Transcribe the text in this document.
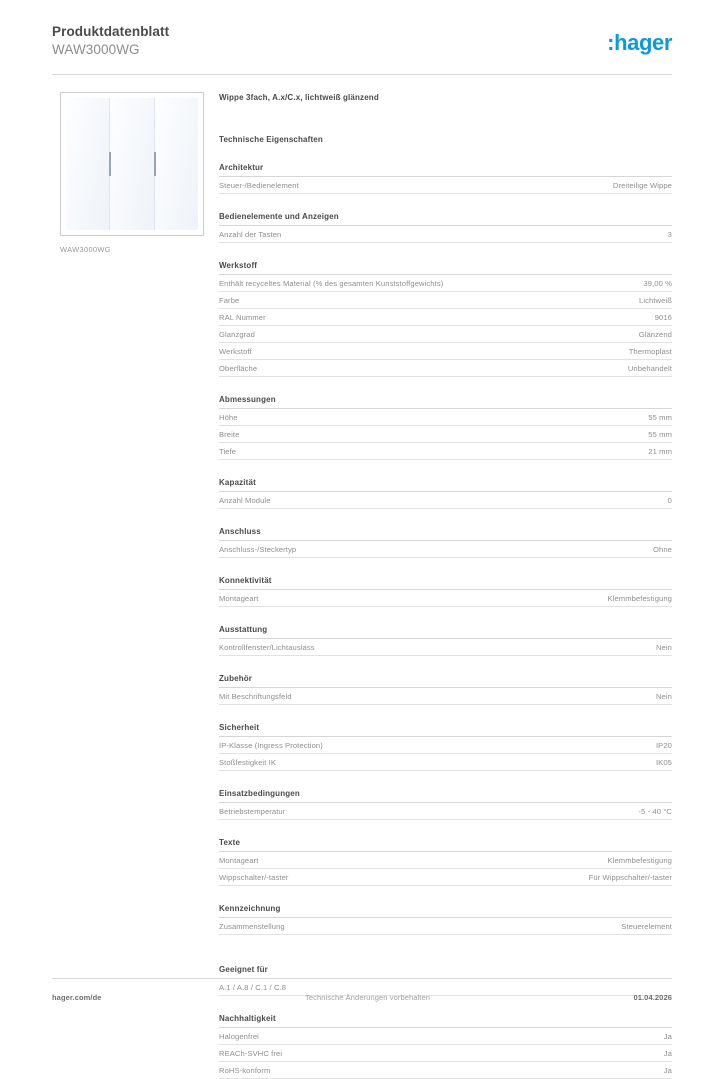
Produktdatenblatt
WAW3000WG	:hager
WAW3000WG
Wippe 3fach, A.x/C.x, lichtweiß glänzend
Technische Eigenschaften
Architektur
Steuer-/Bedienelement	Dreiteilige Wippe
Bedienelemente und Anzeigen
Anzahl der Tasten	3
Werkstoff
Enthält recyceltes Material (% des gesamten Kunststoffgewichts)	39,00 %
Farbe	Lichtweiß
RAL Nummer	9016
Glanzgrad	Glänzend
Werkstoff	Thermoplast
Oberfläche	Unbehandelt
Abmessungen
Höhe	55 mm
Breite	55 mm
Tiefe	21 mm
Kapazität
Anzahl Module	0
Anschluss
Anschluss-/Steckertyp	Ohne
Konnektivität
Montageart	Klemmbefestigung
Ausstattung
Kontrollfenster/Lichtauslass	Nein
Zubehör
Mit Beschriftungsfeld	Nein
Sicherheit
IP-Klasse (Ingress Protection)	IP20
Stoßfestigkeit IK	IK05
Einsatzbedingungen
Betriebstemperatur	-5 - 40 °C
Texte
Montageart	Klemmbefestigung
Wippschalter/-taster	Für Wippschalter/-taster
Kennzeichnung
Zusammenstellung	Steuerelement
Geeignet für
A.1 / A.8 / C.1 / C.8
Nachhaltigkeit
Halogenfrei	Ja
REACh-SVHC frei	Ja
RoHS-konform	Ja
hager.com/de	Technische Änderungen vorbehalten	01.04.2026
